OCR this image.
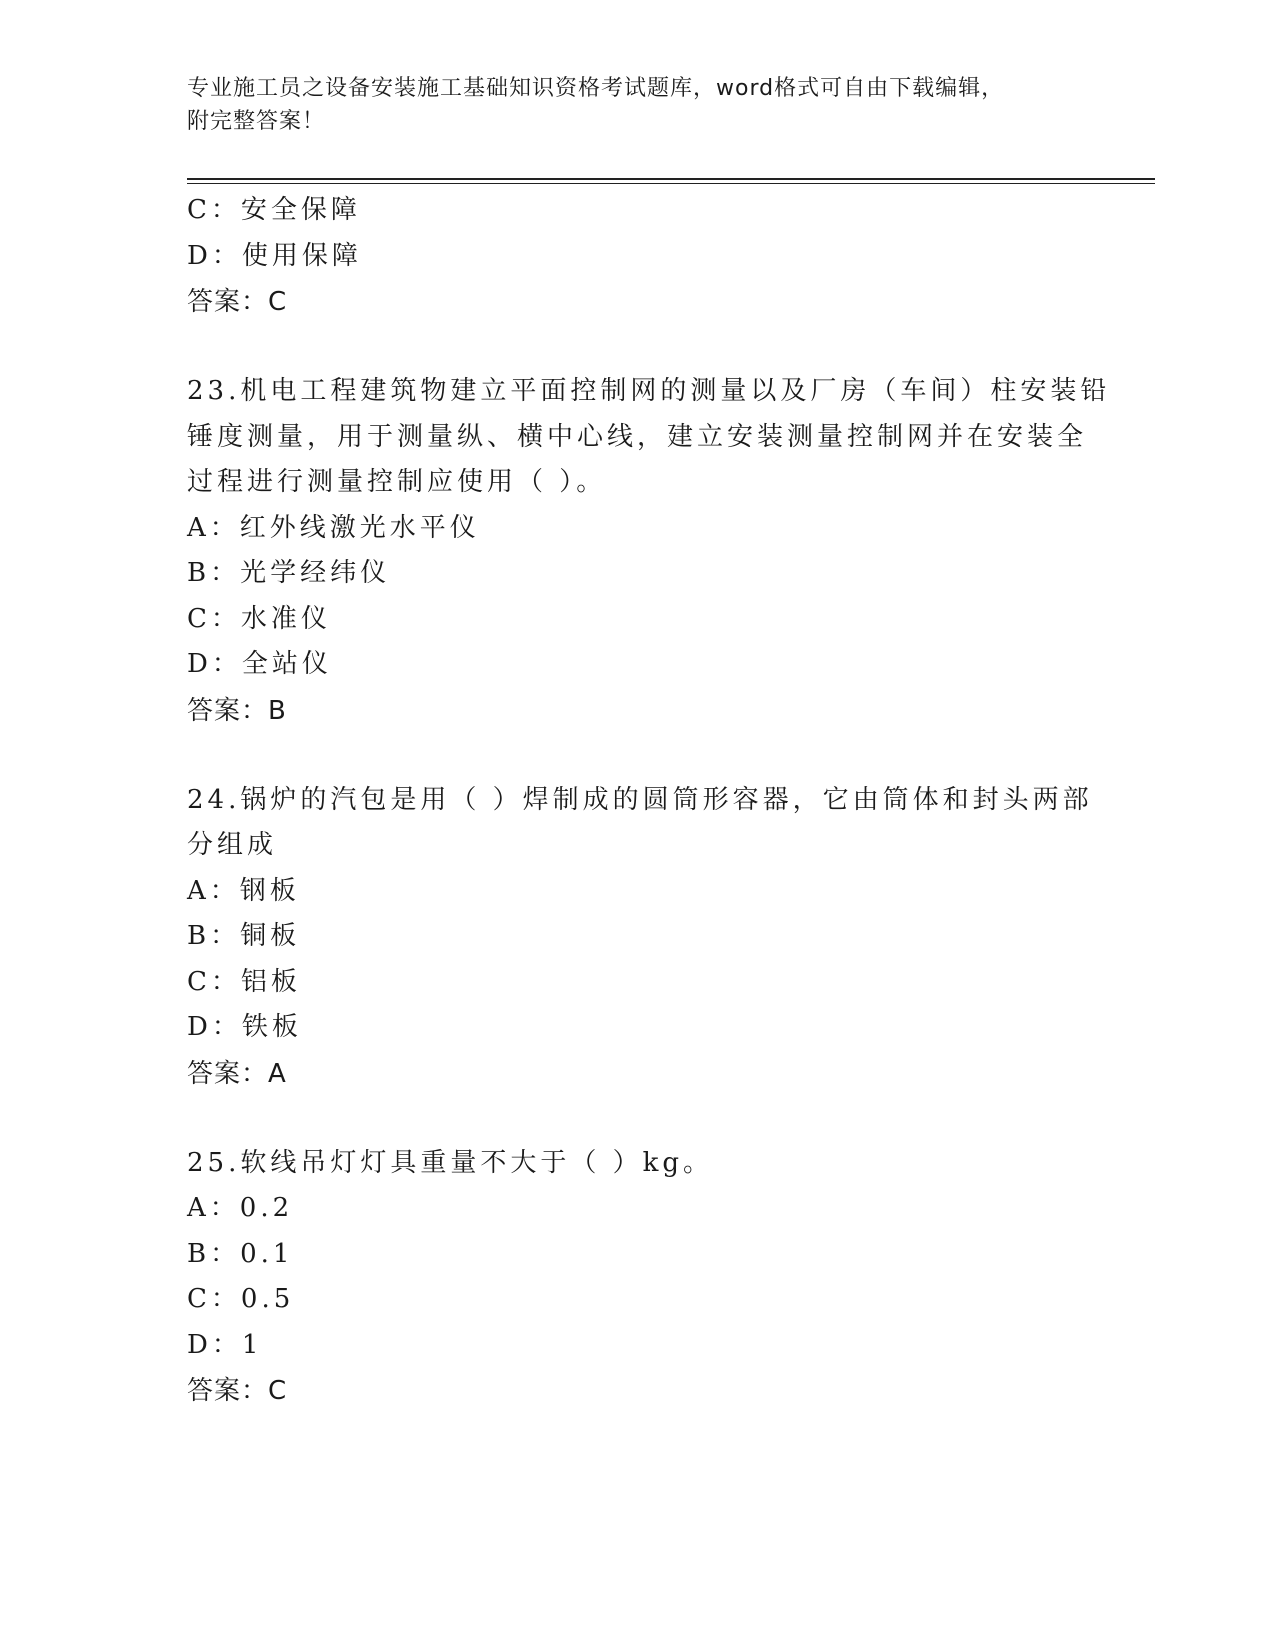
专业施工员之设备安装施工基础知识资格考试题库，word格式可自由下载编辑，
附完整答案！
C：安全保障
D：使用保障
答案：C
23.机电工程建筑物建立平面控制网的测量以及厂房（车间）柱安装铅
锤度测量，用于测量纵、横中心线，建立安装测量控制网并在安装全
过程进行测量控制应使用（ ）。
A：红外线激光水平仪
B：光学经纬仪
C：水准仪
D：全站仪
答案：B
24.锅炉的汽包是用（ ）焊制成的圆筒形容器，它由筒体和封头两部
分组成
A：钢板
B：铜板
C：铝板
D：铁板
答案：A
25.软线吊灯灯具重量不大于（ ）kg。
A：0.2
B：0.1
C：0.5
D：1
答案：C
